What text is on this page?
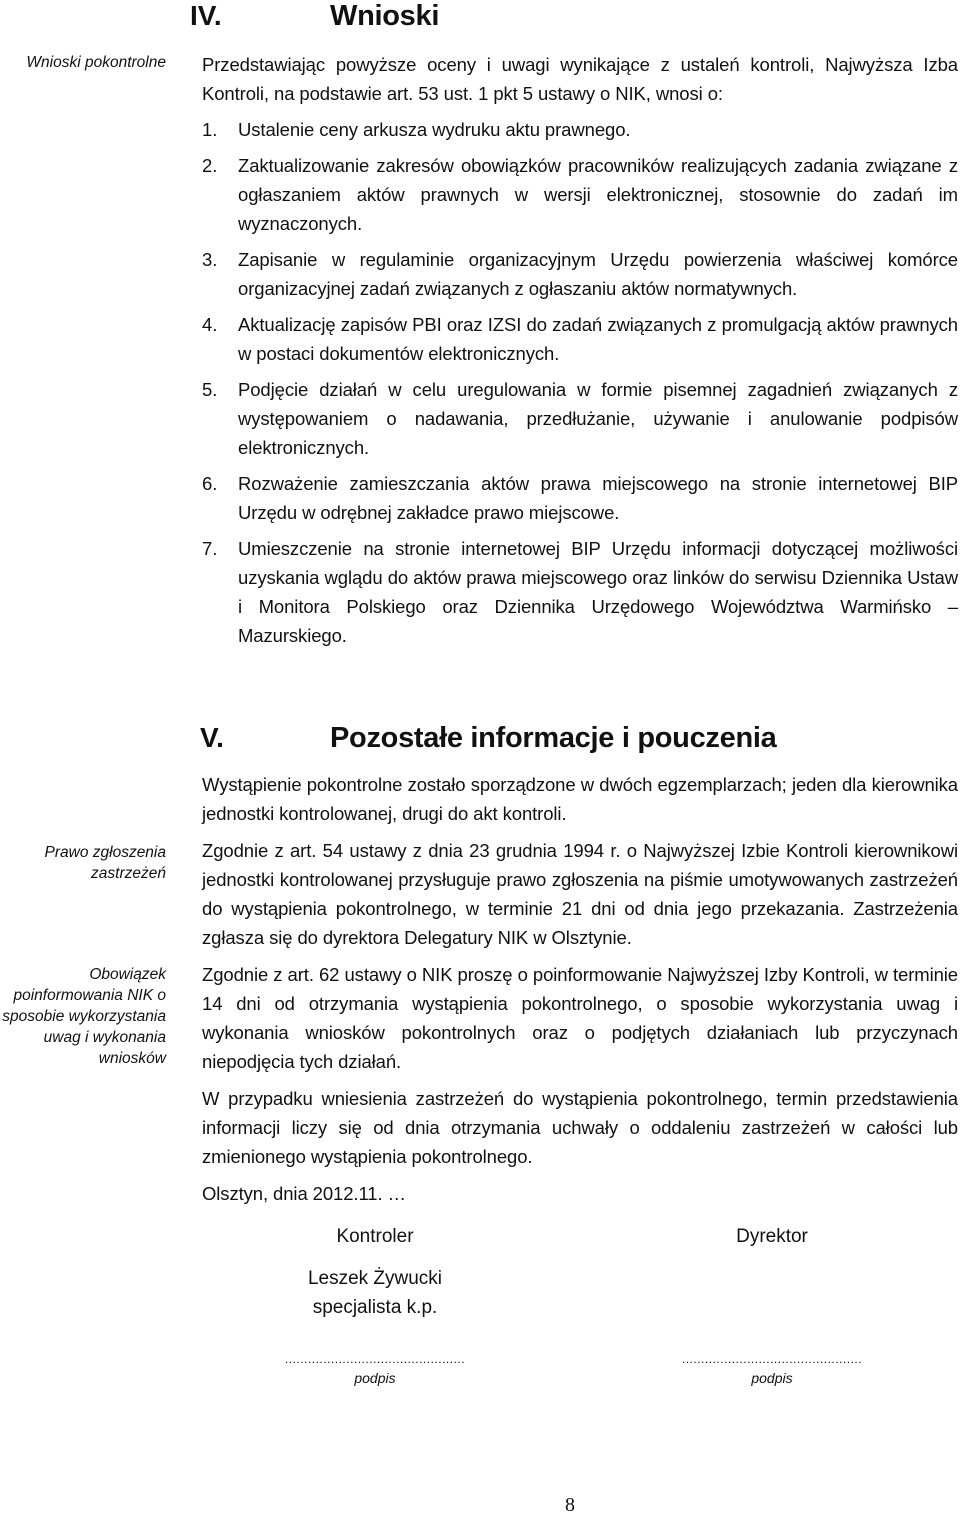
IV.	Wnioski
Wnioski pokontrolne Przedstawiając powyższe oceny i uwagi wynikające z ustaleń kontroli, Najwyższa Izba Kontroli, na podstawie art. 53 ust. 1 pkt 5 ustawy o NIK, wnosi o:
1. Ustalenie ceny arkusza wydruku aktu prawnego.
2. Zaktualizowanie zakresów obowiązków pracowników realizujących zadania związane z ogłaszaniem aktów prawnych w wersji elektronicznej, stosownie do zadań im wyznaczonych.
3. Zapisanie w regulaminie organizacyjnym Urzędu powierzenia właściwej komórce organizacyjnej zadań związanych z ogłaszaniu aktów normatywnych.
4. Aktualizację zapisów PBI oraz IZSI do zadań związanych z promulgacją aktów prawnych w postaci dokumentów elektronicznych.
5. Podjęcie działań w celu uregulowania w formie pisemnej zagadnień związanych z występowaniem o nadawania, przedłużanie, używanie i anulowanie podpisów elektronicznych.
6. Rozważenie zamieszczania aktów prawa miejscowego na stronie internetowej BIP Urzędu w odrębnej zakładce prawo miejscowe.
7. Umieszczenie na stronie internetowej BIP Urzędu informacji dotyczącej możliwości uzyskania wglądu do aktów prawa miejscowego oraz linków do serwisu Dziennika Ustaw i Monitora Polskiego oraz Dziennika Urzędowego Województwa Warmińsko – Mazurskiego.
V.	Pozostałe informacje i pouczenia
Prawo zgłoszenia zastrzeżeń
Obowiązek poinformowania NIK o sposobie wykorzystania uwag i wykonania wniosków
Wystąpienie pokontrolne zostało sporządzone w dwóch egzemplarzach; jeden dla kierownika jednostki kontrolowanej, drugi do akt kontroli.
Zgodnie z art. 54 ustawy z dnia 23 grudnia 1994 r. o Najwyższej Izbie Kontroli kierownikowi jednostki kontrolowanej przysługuje prawo zgłoszenia na piśmie umotywowanych zastrzeżeń do wystąpienia pokontrolnego, w terminie 21 dni od dnia jego przekazania. Zastrzeżenia zgłasza się do dyrektora Delegatury NIK w Olsztynie.
Zgodnie z art. 62 ustawy o NIK proszę o poinformowanie Najwyższej Izby Kontroli, w terminie 14 dni od otrzymania wystąpienia pokontrolnego, o sposobie wykorzystania uwag i wykonania wniosków pokontrolnych oraz o podjętych działaniach lub przyczynach niepodjęcia tych działań.
W przypadku wniesienia zastrzeżeń do wystąpienia pokontrolnego, termin przedstawienia informacji liczy się od dnia otrzymania uchwały o oddaleniu zastrzeżeń w całości lub zmienionego wystąpienia pokontrolnego.
Olsztyn, dnia 2012.11. …
Kontroler
Leszek Żywucki
specjalista k.p.
Dyrektor
...............................................
podpis
...............................................
podpis
8
